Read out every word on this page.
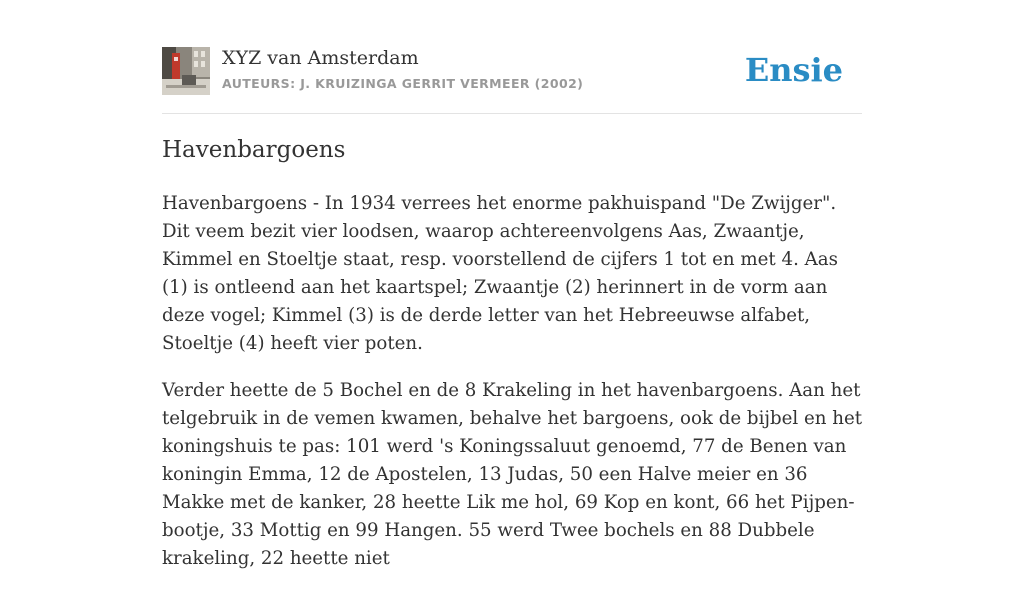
XYZ van Amsterdam
AUTEURS: J. KRUIZINGA GERRIT VERMEER (2002)	Ensie
Havenbargoens

Havenbargoens - In 1934 verrees het enorme pakhuispand "De Zwijger". Dit veem bezit vier loodsen, waarop achtereenvolgens Aas, Zwaantje, Kimmel en Stoeltje staat, resp. voorstellend de cijfers 1 tot en met 4. Aas (1) is ontleend aan het kaartspel; Zwaantje (2) herinnert in de vorm aan deze vogel; Kimmel (3) is de derde letter van het Hebreeuwse alfabet, Stoeltje (4) heeft vier poten.

Verder heette de 5 Bochel en de 8 Krakeling in het havenbargoens. Aan het telgebruik in de vemen kwamen, behalve het bargoens, ook de bijbel en het koningshuis te pas: 101 werd 's Koningssaluut genoemd, 77 de Benen van koningin Emma, 12 de Apostelen, 13 Judas, 50 een Halve meier en 36 Makke met de kanker, 28 heette Lik me hol, 69 Kop en kont, 66 het Pijpen- bootje, 33 Mottig en 99 Hangen. 55 werd Twee bochels en 88 Dubbele krakeling, 22 heette niet
